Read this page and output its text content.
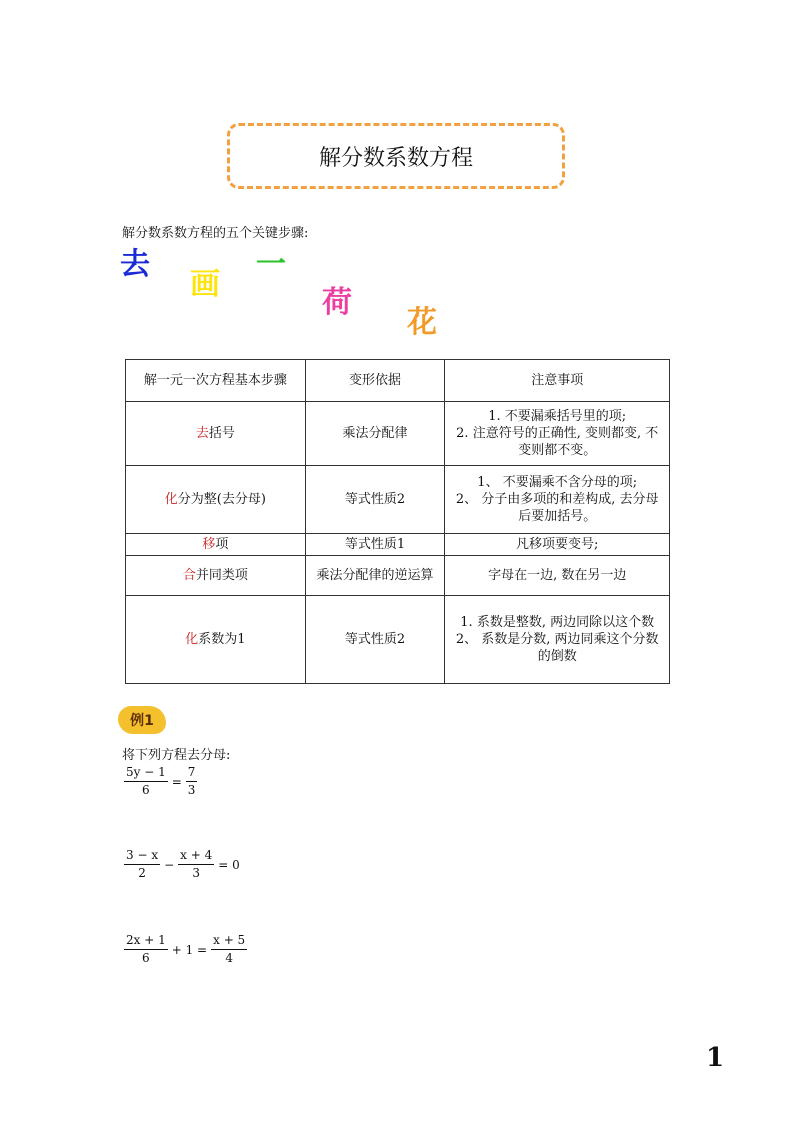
解分数系数方程
解分数系数方程的五个关键步骤:
去
画
一
荷
花
解一元一次方程基本步骤	变形依据	注意事项
去括号	乘法分配律	1. 不要漏乘括号里的项;
2. 注意符号的正确性, 变则都变, 不变则都不变。

化分为整(去分母)	等式性质2	1、 不要漏乘不含分母的项;
2、 分子由多项的和差构成, 去分母后要加括号。

移项	等式性质1	凡移项要变号;
合并同类项	乘法分配律的逆运算	字母在一边, 数在另一边
化系数为1	等式性质2	1. 系数是整数, 两边同除以这个数
2、 系数是分数, 两边同乘这个分数的倒数
例1
将下列方程去分母:
$\frac{5y - 1}{6} = \frac{7}{3}$
$\frac{3 - x}{2} - \frac{x + 4}{3} = 0$
$\frac{2x + 1}{6} + 1 = \frac{x + 5}{4}$
1
